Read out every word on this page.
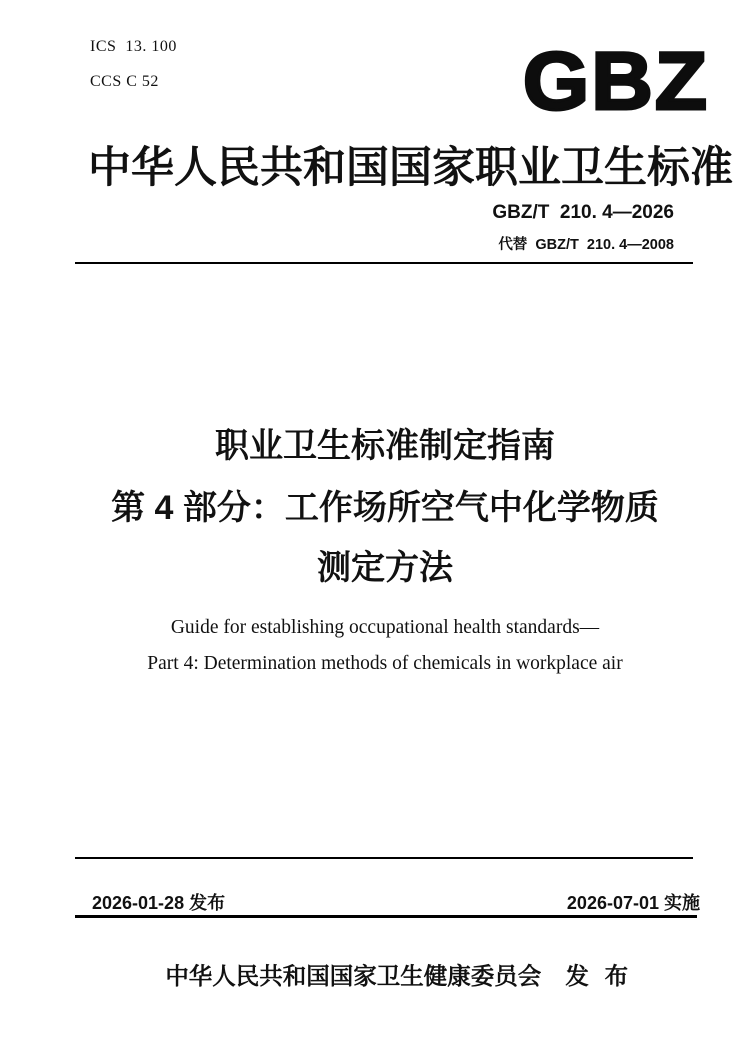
ICS  13. 100
CCS C 52	GBZ
中华人民共和国国家职业卫生标准
GBZ/T  210. 4—2026
代替  GBZ/T  210. 4—2008
职业卫生标准制定指南
第 4 部分：工作场所空气中化学物质
测定方法
Guide for establishing occupational health standards—
Part 4: Determination methods of chemicals in workplace air
2026-01-28 发布	2026-07-01 实施

中华人民共和国国家卫生健康委员会 发 布
